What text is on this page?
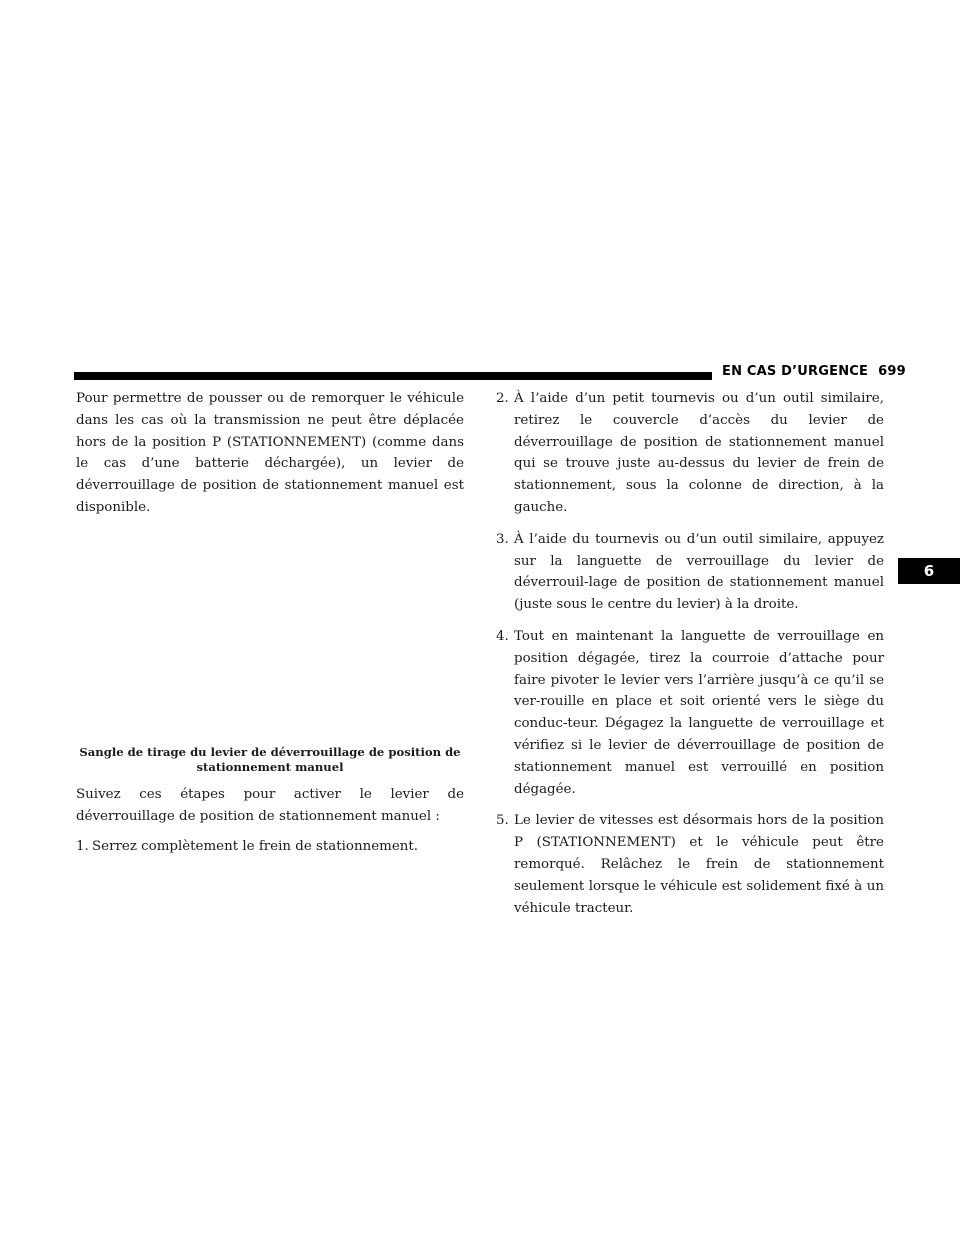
EN CAS D’URGENCE 699
6

Pour permettre de pousser ou de remorquer le véhicule dans les cas où la transmission ne peut être déplacée hors de la position P (STATIONNEMENT) (comme dans le cas d’une batterie déchargée), un levier de déverrouillage de position de stationnement manuel est disponible.

Sangle de tirage du levier de déverrouillage de position de stationnement manuel

Suivez ces étapes pour activer le levier de déverrouillage de position de stationnement manuel :

1. Serrez complètement le frein de stationnement.
2. À l’aide d’un petit tournevis ou d’un outil similaire, retirez le couvercle d’accès du levier de déverrouillage de position de stationnement manuel qui se trouve juste au-dessus du levier de frein de stationnement, sous la colonne de direction, à la gauche.
3. À l’aide du tournevis ou d’un outil similaire, appuyez sur la languette de verrouillage du levier de déverrouil-lage de position de stationnement manuel (juste sous le centre du levier) à la droite.
4. Tout en maintenant la languette de verrouillage en position dégagée, tirez la courroie d’attache pour faire pivoter le levier vers l’arrière jusqu’à ce qu’il se ver-rouille en place et soit orienté vers le siège du conduc-teur. Dégagez la languette de verrouillage et vérifiez si le levier de déverrouillage de position de stationnement manuel est verrouillé en position dégagée.
5. Le levier de vitesses est désormais hors de la position P (STATIONNEMENT) et le véhicule peut être remorqué. Relâchez le frein de stationnement seulement lorsque le véhicule est solidement fixé à un véhicule tracteur.
